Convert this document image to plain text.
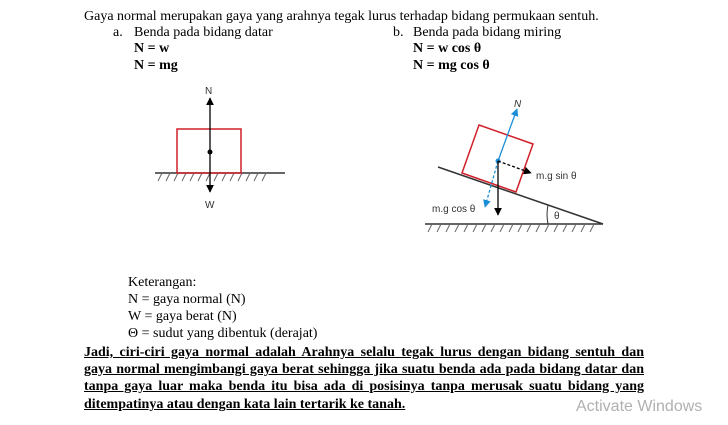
Gaya normal merupakan gaya yang arahnya tegak lurus terhadap bidang permukaan sentuh.
a. Benda pada bidang datar
N = w
N = mg
b. Benda pada bidang miring
N = w cos θ
N = mg cos θ
N
W
N
m.g sin θ
m.g cos θ
θ
Keterangan:
N = gaya normal (N)
W = gaya berat (N)
Θ = sudut yang dibentuk (derajat)
Jadi, ciri-ciri gaya normal adalah Arahnya selalu tegak lurus dengan bidang sentuh dan
gaya normal mengimbangi gaya berat sehingga jika suatu benda ada pada bidang datar dan
tanpa gaya luar maka benda itu bisa ada di posisinya tanpa merusak suatu bidang yang
ditempatinya atau dengan kata lain tertarik ke tanah.	Activate Windows
